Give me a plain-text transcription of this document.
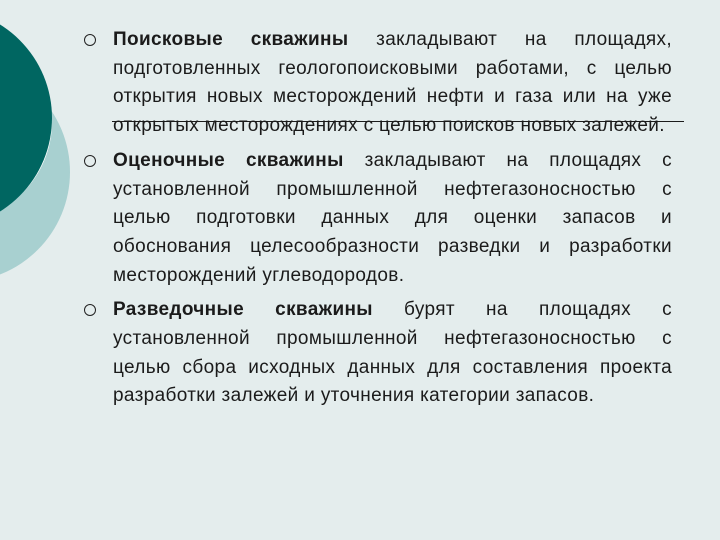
Поисковые скважины закладывают на площадях, подготовленных геологопоисковыми работами, с целью открытия новых месторождений нефти и газа или на уже открытых месторождениях с целью поисков новых залежей.
Оценочные скважины закладывают на площадях с установленной промышленной нефтегазоносностью с целью подготовки данных для оценки запасов и обоснования целесообразности разведки и разработки месторождений углеводородов.
Разведочные скважины бурят на площадях с установленной промышленной нефтегазоносностью с целью сбора исходных данных для составления проекта разработки залежей и уточнения категории запасов.
